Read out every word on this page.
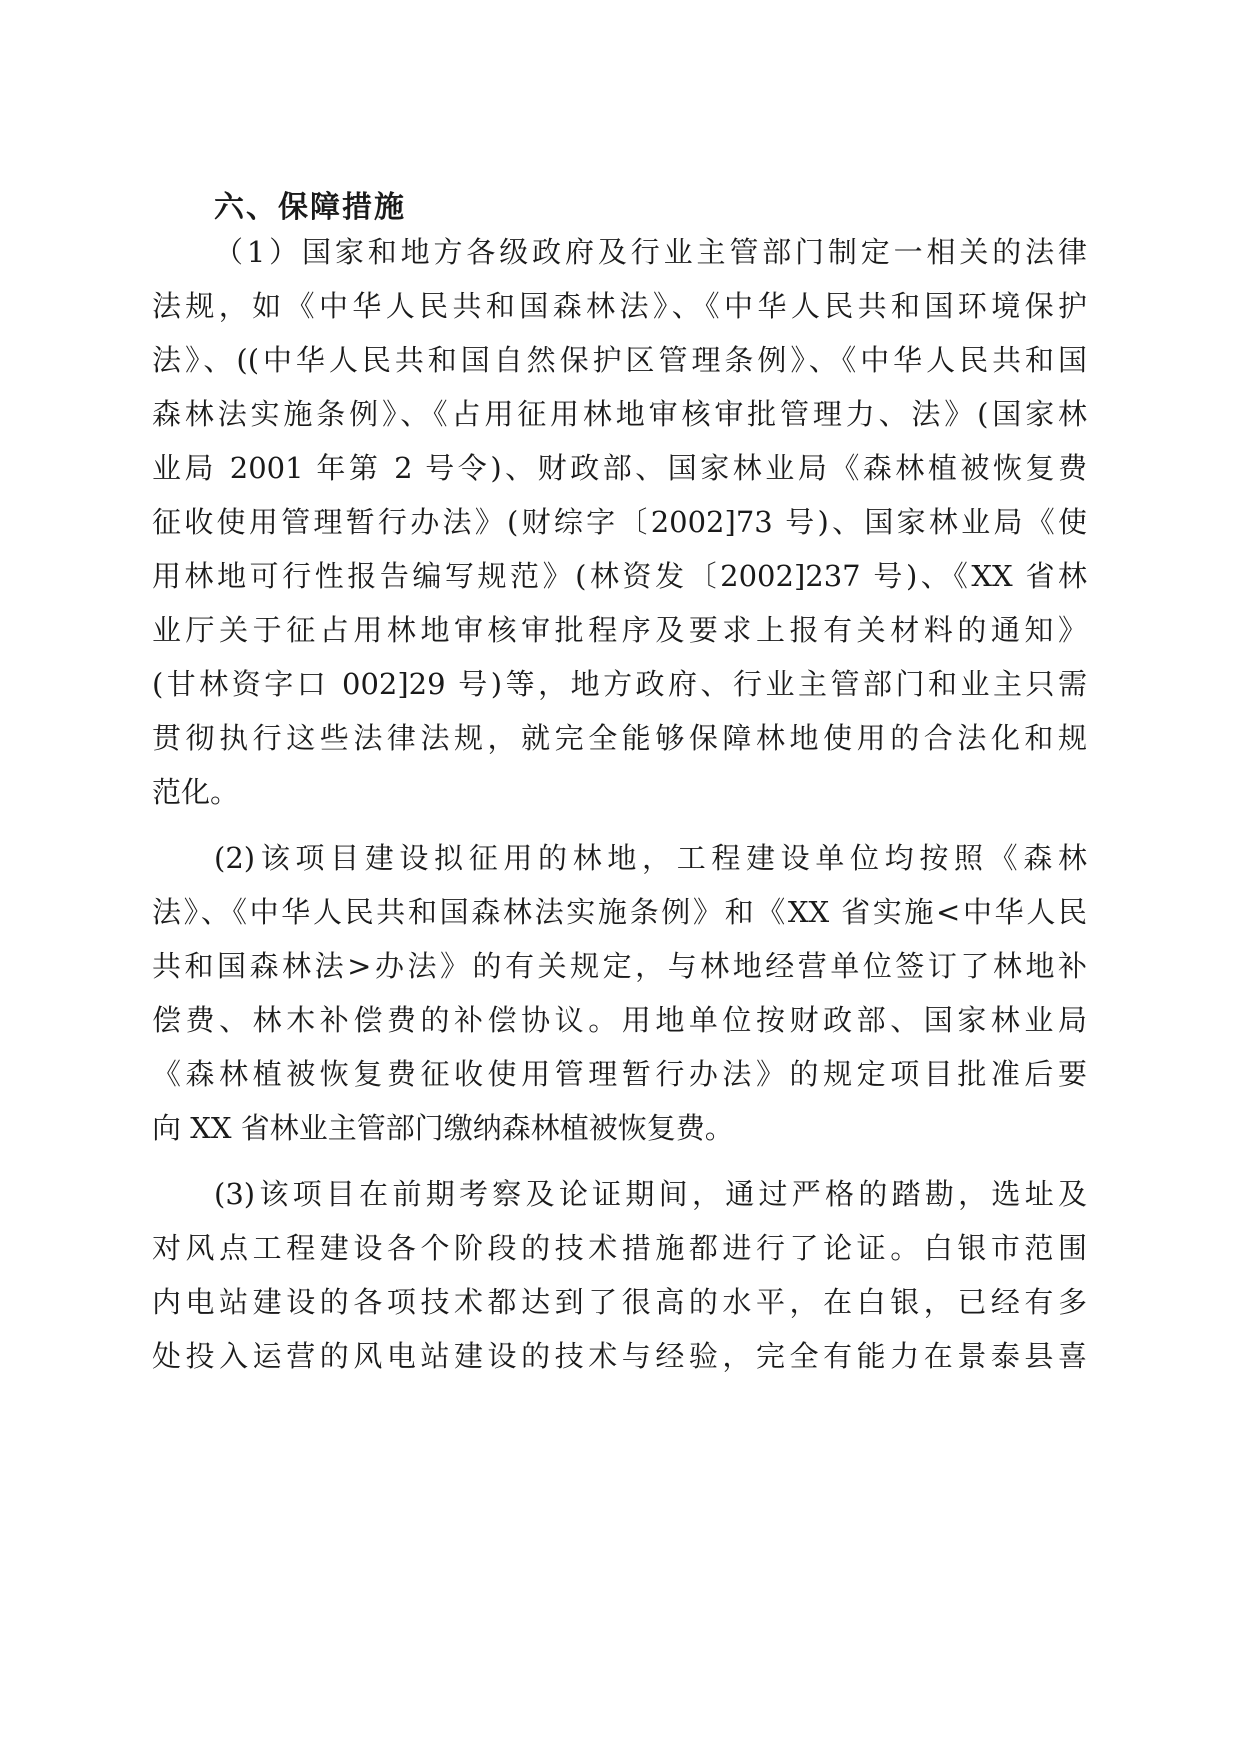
六、保障措施
（1）国家和地方各级政府及行业主管部门制定一相关的法律
法规，如《中华人民共和国森林法》、《中华人民共和国环境保护
法》、((中华人民共和国自然保护区管理条例》、《中华人民共和国
森林法实施条例》、《占用征用林地审核审批管理力、法》(国家林
业局 2001 年第 2 号令)、财政部、国家林业局《森林植被恢复费
征收使用管理暂行办法》(财综字〔2002]73 号)、国家林业局《使
用林地可行性报告编写规范》(林资发〔2002]237 号)、《XX 省林
业厅关于征占用林地审核审批程序及要求上报有关材料的通知》
(甘林资字口 002]29 号)等，地方政府、行业主管部门和业主只需
贯彻执行这些法律法规，就完全能够保障林地使用的合法化和规
范化。
(2)该项目建设拟征用的林地，工程建设单位均按照《森林
法》、《中华人民共和国森林法实施条例》和《XX 省实施<中华人民
共和国森林法>办法》的有关规定，与林地经营单位签订了林地补
偿费、林木补偿费的补偿协议。用地单位按财政部、国家林业局
《森林植被恢复费征收使用管理暂行办法》的规定项目批准后要
向 XX 省林业主管部门缴纳森林植被恢复费。
(3)该项目在前期考察及论证期间，通过严格的踏勘，选址及
对风点工程建设各个阶段的技术措施都进行了论证。白银市范围
内电站建设的各项技术都达到了很高的水平，在白银，已经有多
处投入运营的风电站建设的技术与经验，完全有能力在景泰县喜
